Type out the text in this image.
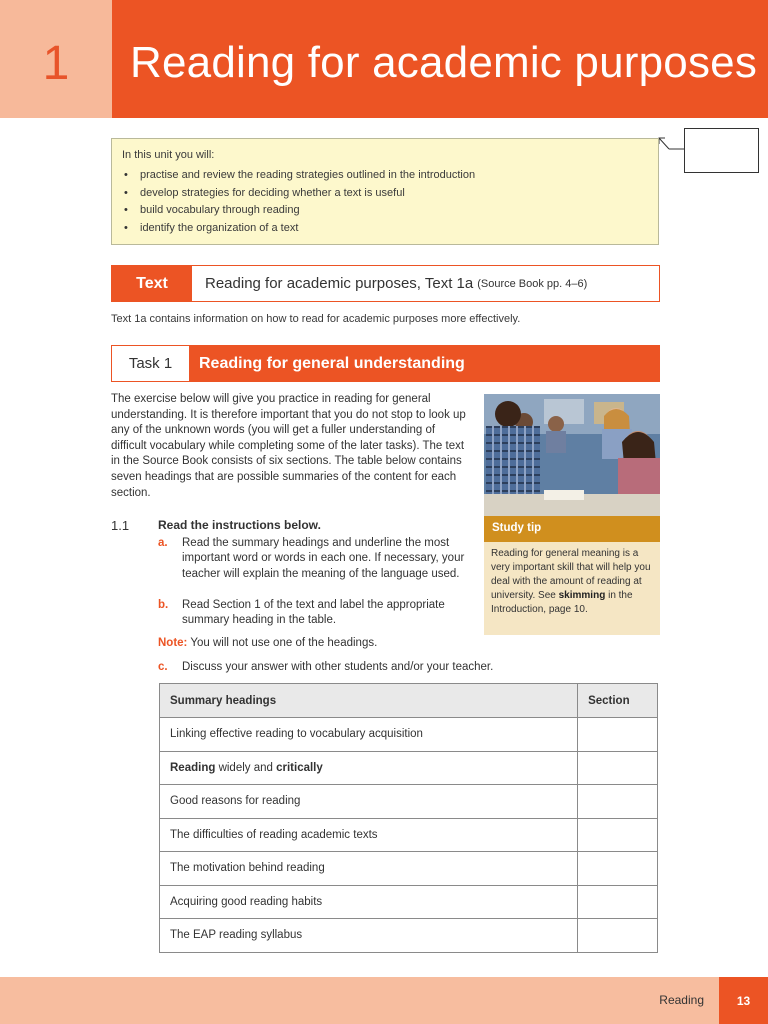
1	Reading for academic purposes
In this unit you will:
• practise and review the reading strategies outlined in the introduction
• develop strategies for deciding whether a text is useful
• build vocabulary through reading
• identify the organization of a text
Text	Reading for academic purposes, Text 1a (Source Book pp. 4–6)
Text 1a contains information on how to read for academic purposes more effectively.
Task 1	Reading for general understanding
The exercise below will give you practice in reading for general understanding. It is therefore important that you do not stop to look up any of the unknown words (you will get a fuller understanding of difficult vocabulary while completing some of the later tasks). The text in the Source Book consists of six sections. The table below contains seven headings that are possible summaries of the content for each section.
Study tip
Reading for general meaning is a very important skill that will help you deal with the amount of reading at university. See skimming in the Introduction, page 10.
1.1 Read the instructions below.
a. Read the summary headings and underline the most important word or words in each one. If necessary, your teacher will explain the meaning of the language used.
b. Read Section 1 of the text and label the appropriate summary heading in the table.
Note: You will not use one of the headings.
c. Discuss your answer with other students and/or your teacher.
Summary headings	Section
Linking effective reading to vocabulary acquisition	
Reading widely and critically	
Good reasons for reading	
The difficulties of reading academic texts	
The motivation behind reading	
Acquiring good reading habits	
The EAP reading syllabus	
Reading	13
